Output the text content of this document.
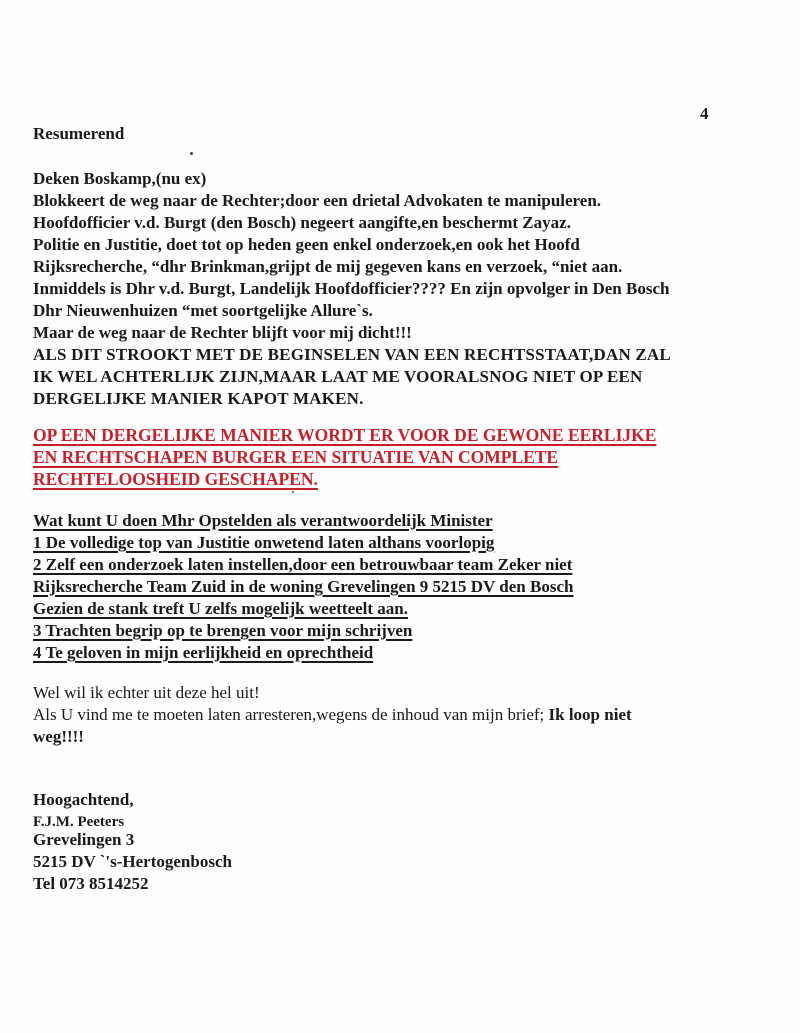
4
Resumerend
Deken Boskamp,(nu ex)
Blokkeert de weg naar de Rechter;door een drietal Advokaten te manipuleren.
Hoofdofficier v.d. Burgt (den Bosch) negeert aangifte,en beschermt Zayaz.
Politie en Justitie, doet tot op heden geen enkel onderzoek,en ook het Hoofd
Rijksrecherche, “dhr Brinkman,grijpt de mij gegeven kans en verzoek, “niet aan.
Inmiddels is Dhr v.d. Burgt, Landelijk Hoofdofficier???? En zijn opvolger in Den Bosch
Dhr Nieuwenhuizen “met soortgelijke Allure`s.
Maar de weg naar de Rechter blijft voor mij dicht!!!
ALS DIT STROOKT MET DE BEGINSELEN VAN EEN RECHTSSTAAT,DAN ZAL
IK WEL ACHTERLIJK ZIJN,MAAR LAAT ME VOORALSNOG NIET OP EEN
DERGELIJKE MANIER KAPOT MAKEN.
OP EEN DERGELIJKE MANIER WORDT ER VOOR DE GEWONE EERLIJKE
EN RECHTSCHAPEN BURGER EEN SITUATIE VAN COMPLETE
RECHTELOOSHEID GESCHAPEN.
Wat kunt U doen Mhr Opstelden als verantwoordelijk Minister
1 De volledige top van Justitie onwetend laten althans voorlopig
2 Zelf een onderzoek laten instellen,door een betrouwbaar team Zeker niet
Rijksrecherche Team Zuid in de woning Grevelingen 9 5215 DV den Bosch
Gezien de stank treft U zelfs mogelijk weetteelt aan.
3 Trachten begrip op te brengen voor mijn schrijven
4 Te geloven in mijn eerlijkheid en oprechtheid
Wel wil ik echter uit deze hel uit!
Als U vind me te moeten laten arresteren,wegens de inhoud van mijn brief; Ik loop niet
weg!!!!
Hoogachtend,
F.J.M. Peeters
Grevelingen 3
5215 DV `'s-Hertogenbosch
Tel 073 8514252
